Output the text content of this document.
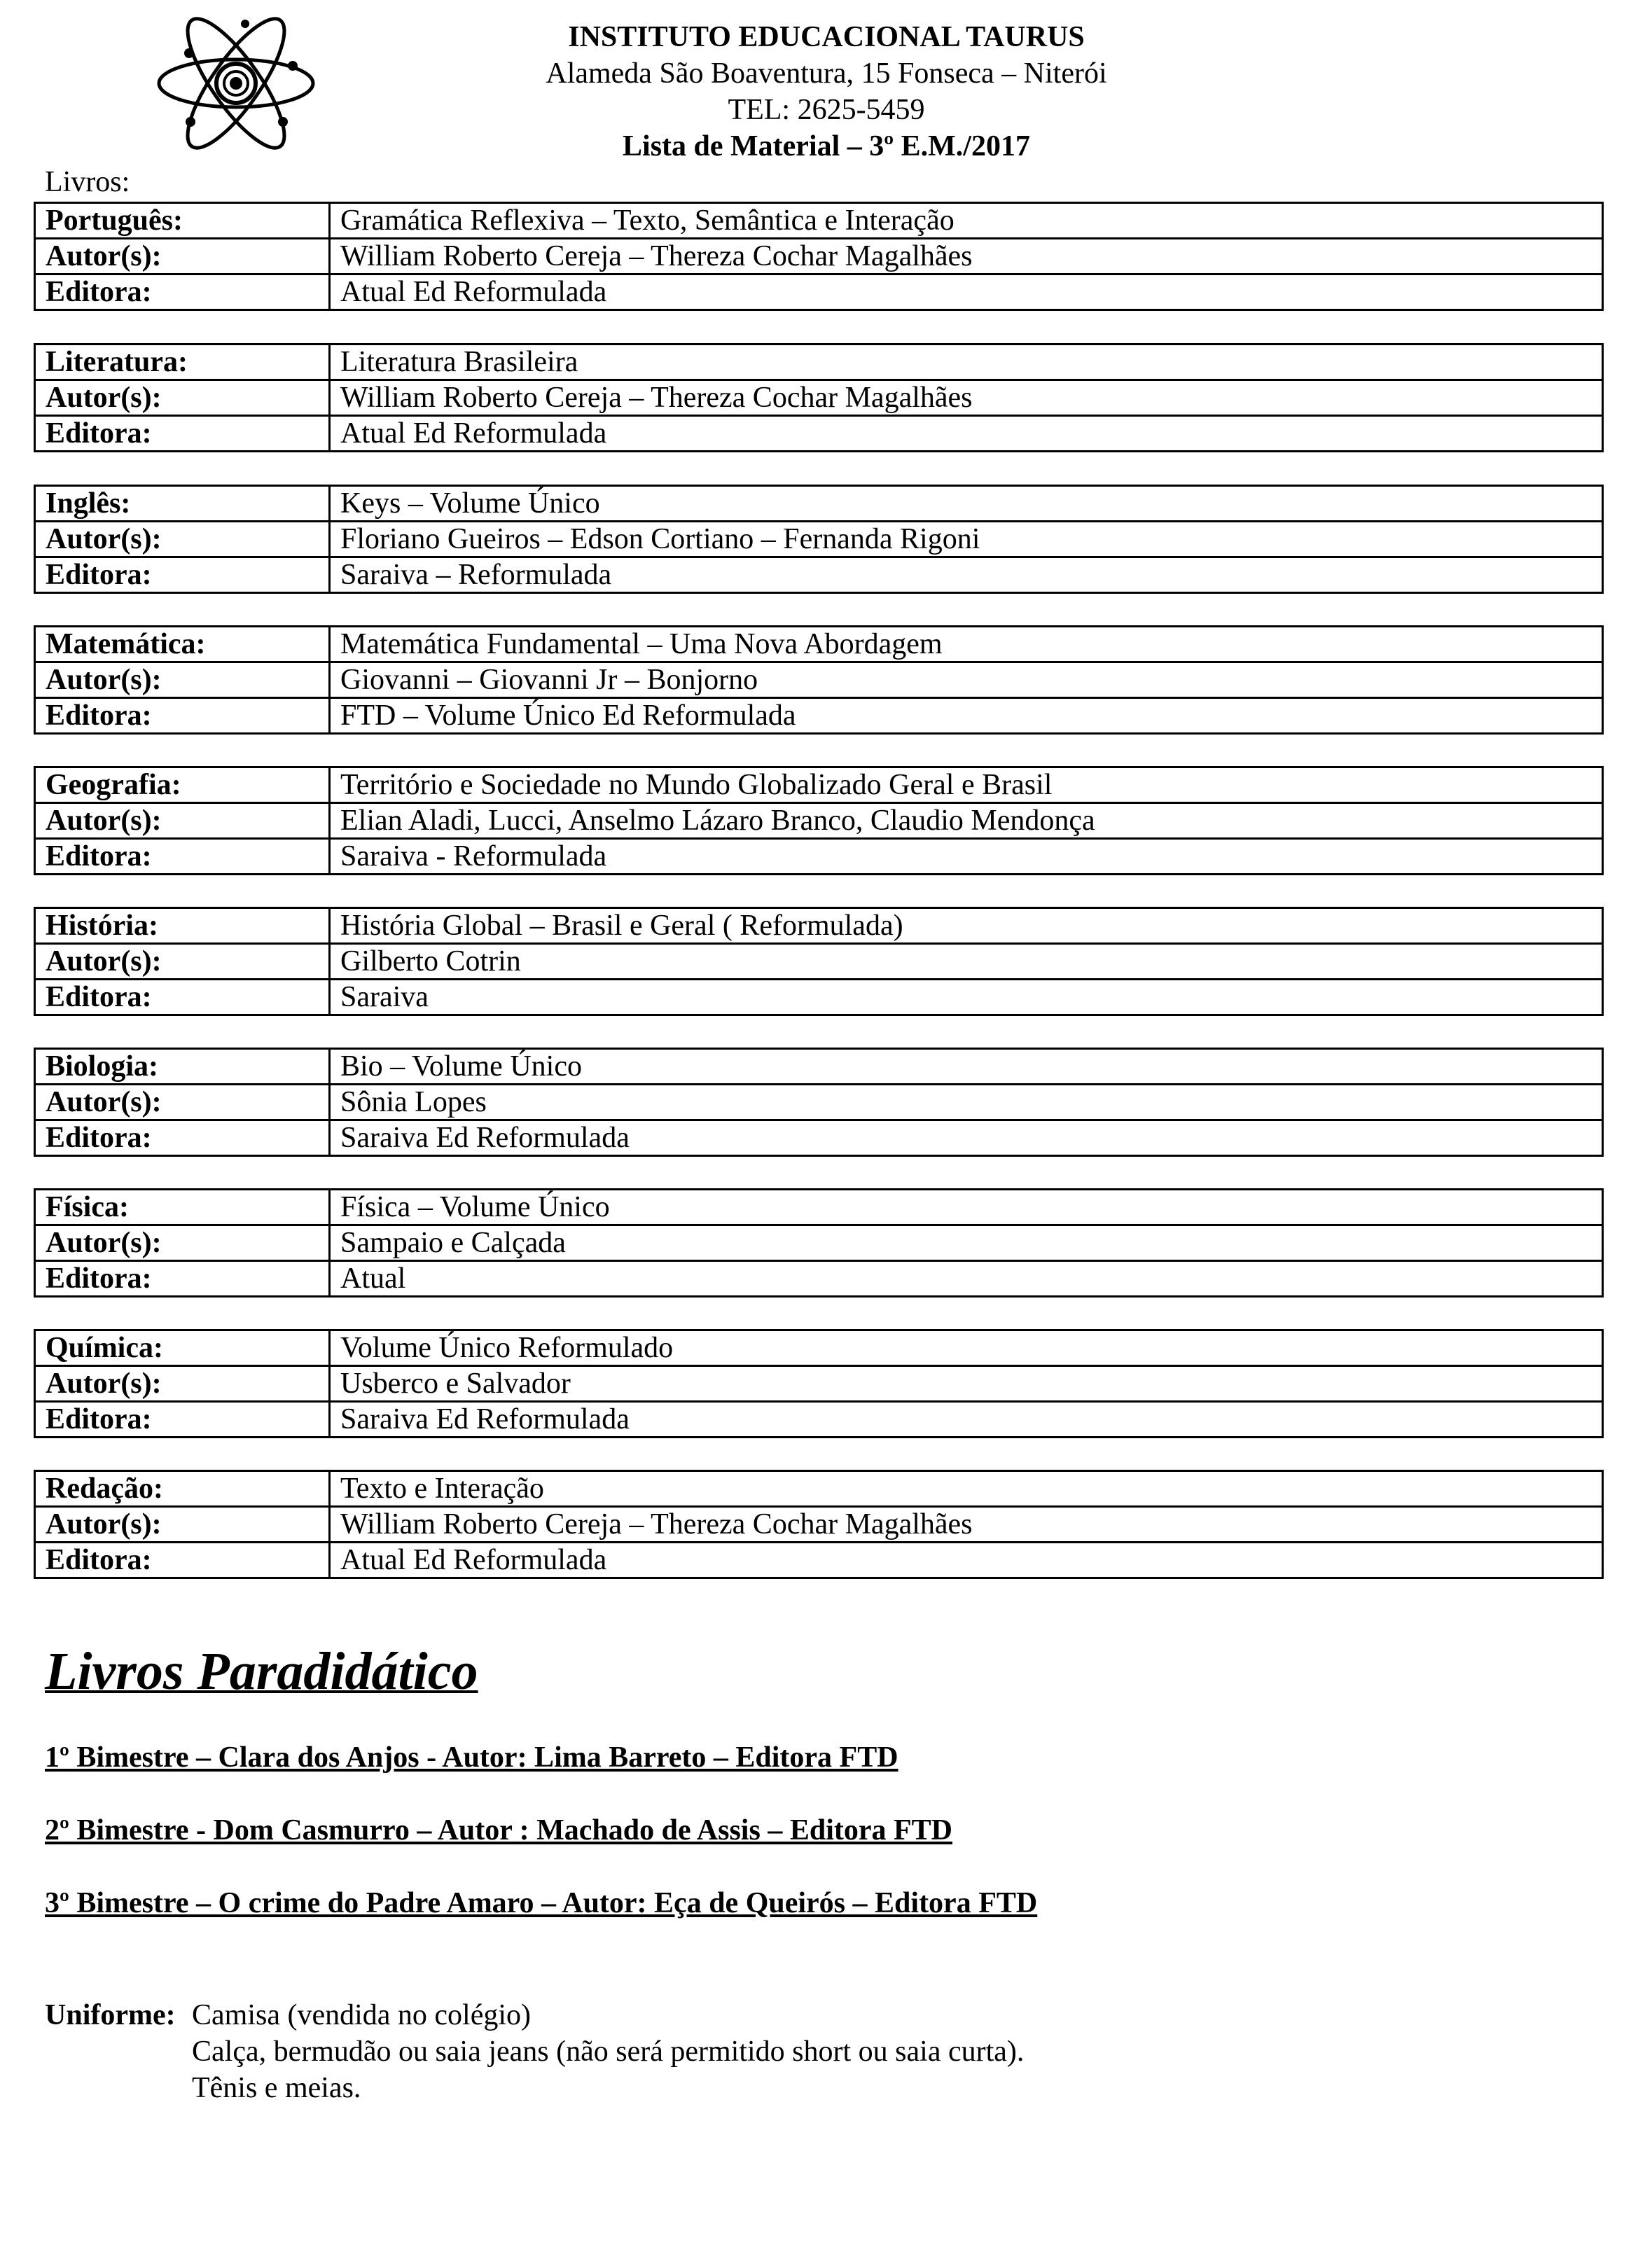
INSTITUTO EDUCACIONAL TAURUS
Alameda São Boaventura, 15 Fonseca – Niterói
TEL: 2625-5459
Lista de Material – 3º E.M./2017
Livros:
Português:	Gramática Reflexiva – Texto, Semântica e Interação
Autor(s):	William Roberto Cereja – Thereza Cochar Magalhães
Editora:	Atual Ed Reformulada
Literatura:	Literatura Brasileira
Autor(s):	William Roberto Cereja – Thereza Cochar Magalhães
Editora:	Atual Ed Reformulada
Inglês:	Keys – Volume Único
Autor(s):	Floriano Gueiros – Edson Cortiano – Fernanda Rigoni
Editora:	Saraiva – Reformulada
Matemática:	Matemática Fundamental – Uma Nova Abordagem
Autor(s):	Giovanni – Giovanni Jr – Bonjorno
Editora:	FTD – Volume Único Ed Reformulada
Geografia:	Território e Sociedade no Mundo Globalizado Geral e Brasil
Autor(s):	Elian Aladi, Lucci, Anselmo Lázaro Branco, Claudio Mendonça
Editora:	Saraiva - Reformulada
História:	História Global – Brasil e Geral ( Reformulada)
Autor(s):	Gilberto Cotrin
Editora:	Saraiva
Biologia:	Bio – Volume Único
Autor(s):	Sônia Lopes
Editora:	Saraiva Ed Reformulada
Física:	Física – Volume Único
Autor(s):	Sampaio e Calçada
Editora:	Atual
Química:	Volume Único Reformulado
Autor(s):	Usberco e Salvador
Editora:	Saraiva Ed Reformulada
Redação:	Texto e Interação
Autor(s):	William Roberto Cereja – Thereza Cochar Magalhães
Editora:	Atual Ed Reformulada
Livros Paradidático
1º Bimestre – Clara dos Anjos - Autor: Lima Barreto – Editora FTD
2º Bimestre - Dom Casmurro – Autor : Machado de Assis – Editora FTD
3º Bimestre – O crime do Padre Amaro – Autor: Eça de Queirós – Editora FTD
Uniforme: Camisa (vendida no colégio)
Calça, bermudão ou saia jeans (não será permitido short ou saia curta).
Tênis e meias.
